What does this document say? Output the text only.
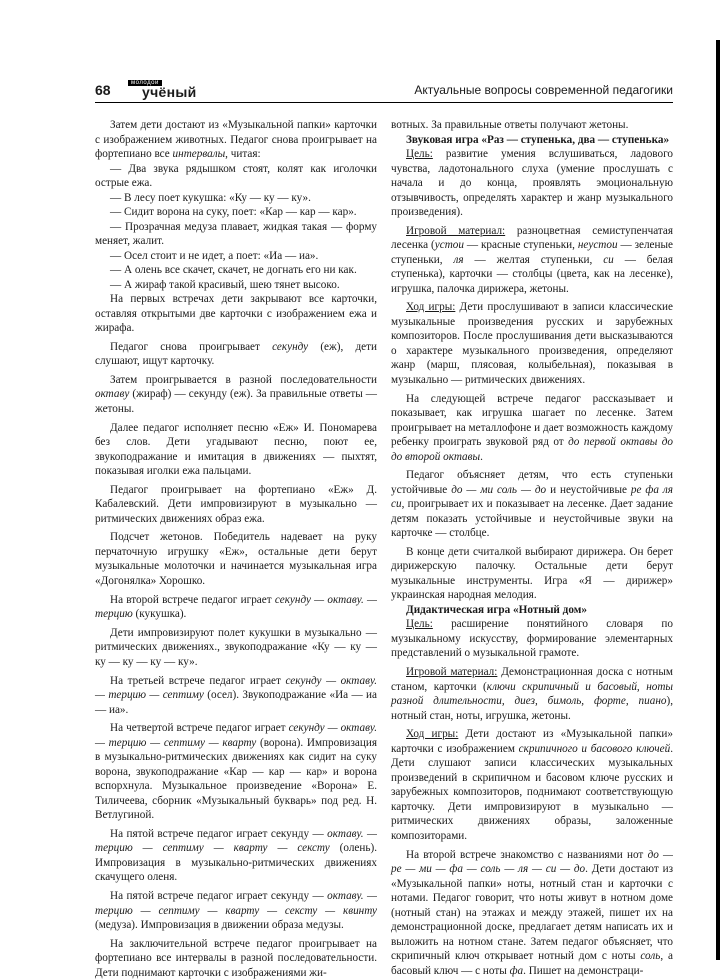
68	молодой
учёный	Актуальные вопросы современной педагогики

Затем дети достают из «Музыкальной папки» карточки с изображением животных. Педагог снова проигрывает на фортепиано все интервалы, читая:

— Два звука рядышком стоят, колят как иголочки острые ежа.

— В лесу поет кукушка: «Ку — ку — ку».

— Сидит ворона на суку, поет: «Кар — кар — кар».

— Прозрачная медуза плавает, жидкая такая — форму меняет, жалит.

— Осел стоит и не идет, а поет: «Иа — иа».

— А олень все скачет, скачет, не догнать его ни как.

— А жираф такой красивый, шею тянет высоко.

На первых встречах дети закрывают все карточки, оставляя открытыми две карточки с изображением ежа и жирафа.

Педагог снова проигрывает секунду (еж), дети слушают, ищут карточку.

Затем проигрывается в разной последовательности октаву (жираф) — секунду (еж). За правильные ответы — жетоны.

Далее педагог исполняет песню «Еж» И. Пономарева без слов. Дети угадывают песню, поют ее, звукоподражание и имитация в движениях — пыхтят, показывая иголки ежа пальцами.

Педагог проигрывает на фортепиано «Еж» Д. Кабалевский. Дети импровизируют в музыкально — ритмических движениях образ ежа.

Подсчет жетонов. Победитель надевает на руку перчаточную игрушку «Еж», остальные дети берут музыкальные молоточки и начинается музыкальная игра «Догонялка» Хорошко.

На второй встрече педагог играет секунду — октаву. — терцию (кукушка).

Дети импровизируют полет кукушки в музыкально — ритмических движениях., звукоподражание «Ку — ку — ку — ку — ку — ку».

На третьей встрече педагог играет секунду — октаву. — терцию — септиму (осел). Звукоподражание «Иа — иа — иа».

На четвертой встрече педагог играет секунду — октаву. — терцию — септиму — кварту (ворона). Импровизация в музыкально-ритмических движениях как сидит на суку ворона, звукоподражание «Кар — кар — кар» и ворона вспорхнула. Музыкальное произведение «Ворона» Е. Тиличеева, сборник «Музыкальный букварь» под ред. Н. Ветлугиной.

На пятой встрече педагог играет секунду — октаву. — терцию — септиму — кварту — сексту (олень). Импровизация в музыкально-ритмических движениях скачущего оленя.

На пятой встрече педагог играет секунду — октаву. — терцию — септиму — кварту — сексту — квинту (медуза). Импровизация в движении образа медузы.

На заключительной встрече педагог проигрывает на фортепиано все интервалы в разной последовательности. Дети поднимают карточки с изображениями жи-

вотных. За правильные ответы получают жетоны.

Звуковая игра «Раз — ступенька, два — ступенька»

Цель: развитие умения вслушиваться, ладового чувства, ладотонального слуха (умение прослушать с начала и до конца, проявлять эмоциональную отзывчивость, определять характер и жанр музыкального произведения).

Игровой материал: разноцветная семиступенчатая лесенка (устои — красные ступеньки, неустои — зеленые ступеньки, ля — желтая ступеньки, си — белая ступенька), карточки — столбцы (цвета, как на лесенке), игрушка, палочка дирижера, жетоны.

Ход игры: Дети прослушивают в записи классические музыкальные произведения русских и зарубежных композиторов. После прослушивания дети высказываются о характере музыкального произведения, определяют жанр (марш, плясовая, колыбельная), показывая в музыкально — ритмических движениях.

На следующей встрече педагог рассказывает и показывает, как игрушка шагает по лесенке. Затем проигрывает на металлофоне и дает возможность каждому ребенку проиграть звуковой ряд от до первой октавы до до второй октавы.

Педагог объясняет детям, что есть ступеньки устойчивые до — ми соль — до и неустойчивые ре фа ля си, проигрывает их и показывает на лесенке. Дает задание детям показать устойчивые и неустойчивые звуки на карточке — столбце.

В конце дети считалкой выбирают дирижера. Он берет дирижерскую палочку. Остальные дети берут музыкальные инструменты. Игра «Я — дирижер» украинская народная мелодия.

Дидактическая игра «Нотный дом»

Цель: расширение понятийного словаря по музыкальному искусству, формирование элементарных представлений о музыкальной грамоте.

Игровой материал: Демонстрационная доска с нотным станом, карточки (ключи скрипичный и басовый, ноты разной длительности, диез, бимоль, форте, пиано), нотный стан, ноты, игрушка, жетоны.

Ход игры: Дети достают из «Музыкальной папки» карточки с изображением скрипичного и басового ключей. Дети слушают записи классических музыкальных произведений в скрипичном и басовом ключе русских и зарубежных композиторов, поднимают соответствующую карточку. Дети импровизируют в музыкально — ритмических движениях образы, заложенные композиторами.

На второй встрече знакомство с названиями нот до — ре — ми — фа — соль — ля — си — до. Дети достают из «Музыкальной папки» ноты, нотный стан и карточки с нотами. Педагог говорит, что ноты живут в нотном доме (нотный стан) на этажах и между этажей, пишет их на демонстрационной доске, предлагает детям написать их и выложить на нотном стане. Затем педагог объясняет, что скрипичный ключ открывает нотный дом с ноты соль, а басовый ключ — с ноты фа. Пишет на демонстраци-
